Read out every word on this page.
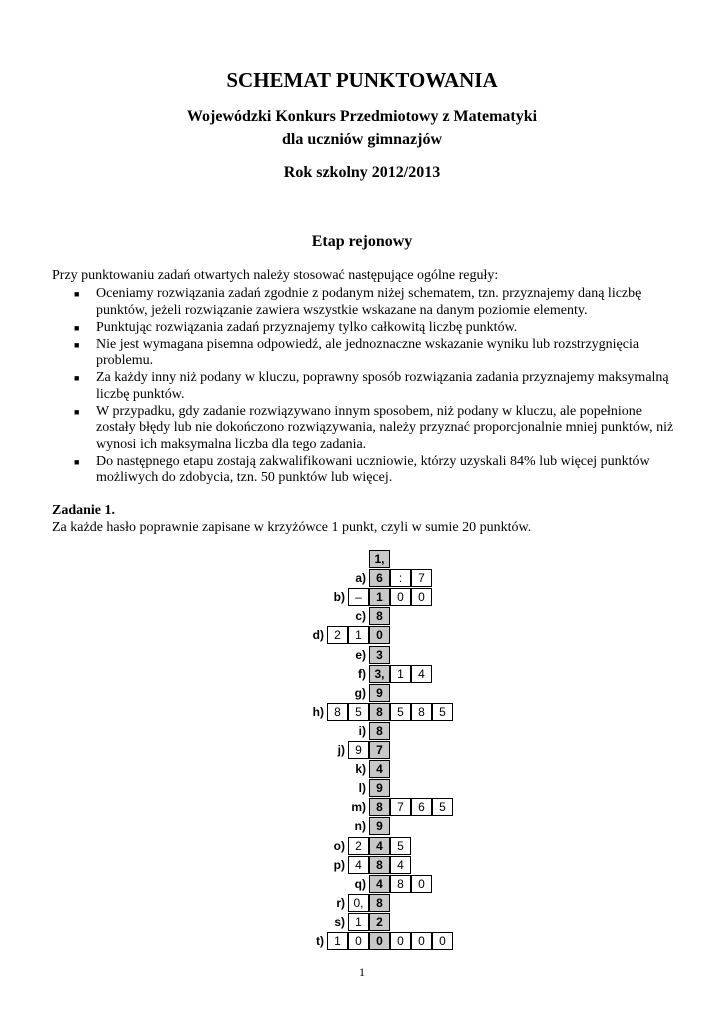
SCHEMAT PUNKTOWANIA
Wojewódzki Konkurs Przedmiotowy z Matematyki
dla uczniów gimnazjów
Rok szkolny 2012/2013
Etap rejonowy
Przy punktowaniu zadań otwartych należy stosować następujące ogólne reguły:
■ Oceniamy rozwiązania zadań zgodnie z podanym niżej schematem, tzn. przyznajemy daną liczbę punktów, jeżeli rozwiązanie zawiera wszystkie wskazane na danym poziomie elementy.
■ Punktując rozwiązania zadań przyznajemy tylko całkowitą liczbę punktów.
■ Nie jest wymagana pisemna odpowiedź, ale jednoznaczne wskazanie wyniku lub rozstrzygnięcia problemu.
■ Za każdy inny niż podany w kluczu, poprawny sposób rozwiązania zadania przyznajemy maksymalną liczbę punktów.
■ W przypadku, gdy zadanie rozwiązywano innym sposobem, niż podany w kluczu, ale popełnione zostały błędy lub nie dokończono rozwiązywania, należy przyznać proporcjonalnie mniej punktów, niż wynosi ich maksymalna liczba dla tego zadania.
■ Do następnego etapu zostają zakwalifikowani uczniowie, którzy uzyskali 84% lub więcej punktów możliwych do zdobycia, tzn. 50 punktów lub więcej.
Zadanie 1.
Za każde hasło poprawnie zapisane w krzyżówce 1 punkt, czyli w sumie 20 punktów.
1,
a) 6	:	7
b) –	1	0	0
c) 8
d) 2	1	0
e) 3
f) 3,	1	4
g) 9
h) 8	5	8	5	8	5
i) 8
j) 9	7
k) 4
l) 9
m) 8	7	6	5
n) 9
o) 2	4	5
p) 4	8	4
q) 4	8	0
r) 0,	8
s) 1	2
t) 1	0	0	0	0	0
1
